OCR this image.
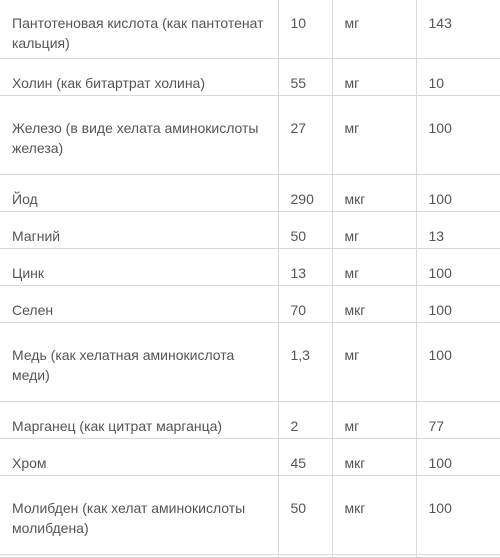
Пантотеновая кислота (как пантотенат кальция)	10	мг	143
Холин (как битартрат холина)	55	мг	10
Железо (в виде хелата аминокислоты железа)	27	мг	100
Йод	290	мкг	100
Магний	50	мг	13
Цинк	13	мг	100
Селен	70	мкг	100
Медь (как хелатная аминокислота меди)	1,3	мг	100
Марганец (как цитрат марганца)	2	мг	77
Хром	45	мкг	100
Молибден (как хелат аминокислоты молибдена)	50	мкг	100
